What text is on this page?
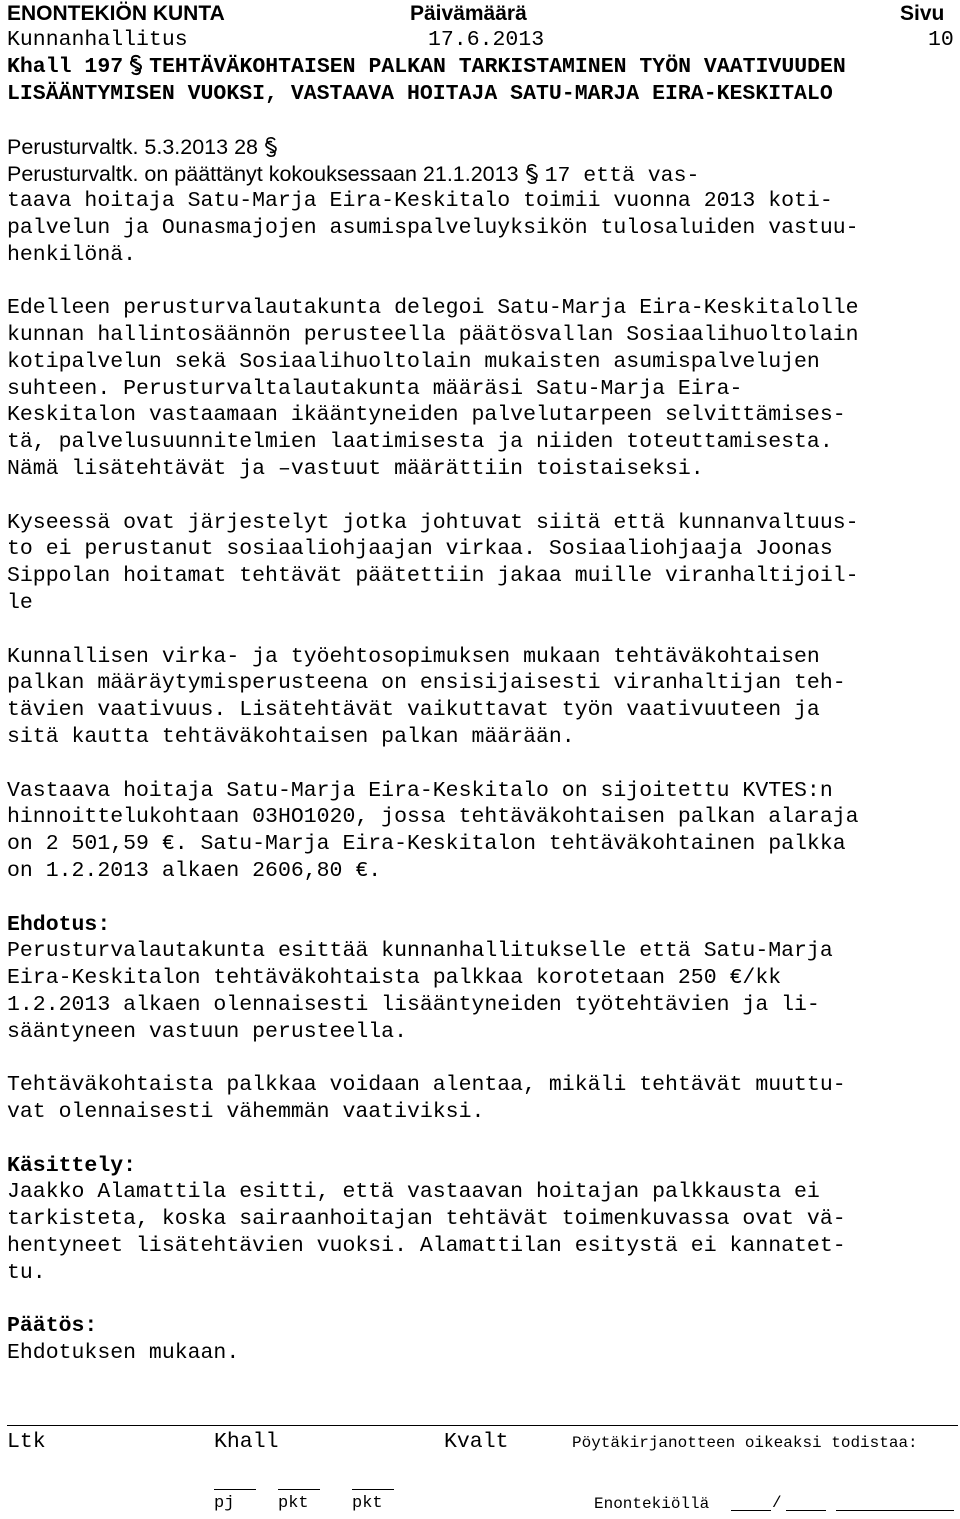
ENONTEKIÖN KUNTA	Päivämäärä	Sivu
Kunnanhallitus	17.6.2013	10
Khall 197 TEHTÄVÄKOHTAISEN PALKAN TARKISTAMINEN TYÖN VAATIVUUDEN
LISÄÄNTYMISEN VUOKSI, VASTAAVA HOITAJA SATU-MARJA EIRA-KESKITALO
Perusturvaltk. 5.3.2013 28
Perusturvaltk. on päättänyt kokouksessaan 21.1.2013 17 että vas-
taava hoitaja Satu-Marja Eira-Keskitalo toimii vuonna 2013 koti-
palvelun ja Ounasmajojen asumispalveluyksikön tulosaluiden vastuu-
henkilönä.
Edelleen perusturvalautakunta delegoi Satu-Marja Eira-Keskitalolle
kunnan hallintosäännön perusteella päätösvallan Sosiaalihuoltolain
kotipalvelun sekä Sosiaalihuoltolain mukaisten asumispalvelujen
suhteen. Perusturvaltalautakunta määräsi Satu-Marja Eira-
Keskitalon vastaamaan ikääntyneiden palvelutarpeen selvittämises-
tä, palvelusuunnitelmien laatimisesta ja niiden toteuttamisesta.
Nämä lisätehtävät ja –vastuut määrättiin toistaiseksi.
Kyseessä ovat järjestelyt jotka johtuvat siitä että kunnanvaltuus-
to ei perustanut sosiaaliohjaajan virkaa. Sosiaaliohjaaja Joonas
Sippolan hoitamat tehtävät päätettiin jakaa muille viranhaltijoil-
le
Kunnallisen virka- ja työehtosopimuksen mukaan tehtäväkohtaisen
palkan määräytymisperusteena on ensisijaisesti viranhaltijan teh-
tävien vaativuus. Lisätehtävät vaikuttavat työn vaativuuteen ja
sitä kautta tehtäväkohtaisen palkan määrään.
Vastaava hoitaja Satu-Marja Eira-Keskitalo on sijoitettu KVTES:n
hinnoittelukohtaan 03HO1020, jossa tehtäväkohtaisen palkan alaraja
on 2 501,59 €. Satu-Marja Eira-Keskitalon tehtäväkohtainen palkka
on 1.2.2013 alkaen 2606,80 €.
Ehdotus:
Perusturvalautakunta esittää kunnanhallitukselle että Satu-Marja
Eira-Keskitalon tehtäväkohtaista palkkaa korotetaan 250 €/kk
1.2.2013 alkaen olennaisesti lisääntyneiden työtehtävien ja li-
sääntyneen vastuun perusteella.
Tehtäväkohtaista palkkaa voidaan alentaa, mikäli tehtävät muuttu-
vat olennaisesti vähemmän vaativiksi.
Käsittely:
Jaakko Alamattila esitti, että vastaavan hoitajan palkkausta ei
tarkisteta, koska sairaanhoitajan tehtävät toimenkuvassa ovat vä-
hentyneet lisätehtävien vuoksi. Alamattilan esitystä ei kannatet-
tu.
Päätös:
Ehdotuksen mukaan.
Ltk	Khall	Kvalt	Pöytäkirjanotteen oikeaksi todistaa:
pj	pkt	pkt	Enontekiöllä	/
